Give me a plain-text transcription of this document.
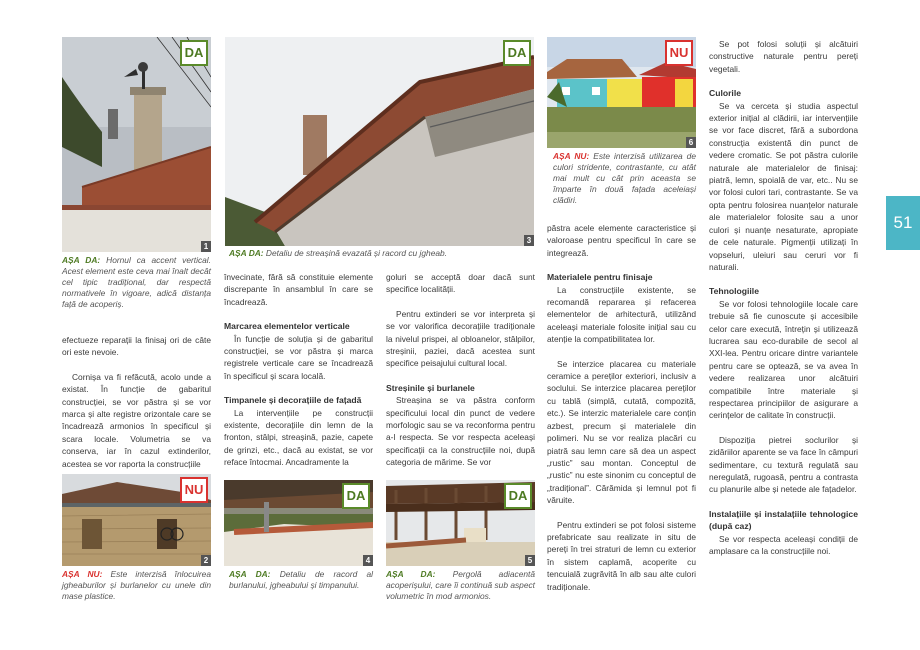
DA
1
DA
3
NU
6
NU
2
DA
4
DA
5
AȘA DA: Hornul ca accent vertical. Acest element este ceva mai înalt decât cel tipic tradițional, dar respectă normativele în vigoare, adică distanța față de acoperiș.
AȘA DA: Detaliu de streașină evazată și racord cu jgheab.
AȘA NU: Este interzisă utilizarea de culori stridente, contrastante, cu atât mai mult cu cât prin aceasta se împarte în două fațada aceleiași clădiri.
AȘA NU: Este interzisă înlocuirea jgheaburilor și burlanelor cu unele din mase plastice.
AȘA DA: Detaliu de racord al burlanului, jgheabului și timpanului.
AȘA DA: Pergolă adiacentă acoperișului, care îi continuă sub aspect volumetric în mod armonios.

efectueze reparații la finisaj ori de câte ori este nevoie.

Cornișa va fi refăcută, acolo unde a existat. În funcție de gabaritul construcției, se vor păstra și se vor marca și alte registre orizontale care se încadrează armonios în specificul și scara locale. Volumetria se va conserva, iar în cazul extinderilor, acestea se vor raporta la construcțiile

învecinate, fără să constituie elemente discrepante în ansamblul în care se încadrează.

Marcarea elementelor verticale

În funcție de soluția și de gabaritul construcției, se vor păstra și marca registrele verticale care se încadrează în specificul și scara locală.

Timpanele și decorațiile de fațadă

La intervențiile pe construcții existente, decorațiile din lemn de la fronton, stâlpi, streașină, pazie, capete de grinzi, etc., dacă au existat, se vor reface întocmai. Ancadramente la

goluri se acceptă doar dacă sunt specifice localității.

Pentru extinderi se vor interpreta și se vor valorifica decorațiile tradiționale la nivelul prispei, al obloanelor, stâlpilor, streșinii, paziei, dacă acestea sunt specifice peisajului cultural local.

Streșinile și burlanele

Streașina se va păstra conform specificului local din punct de vedere morfologic sau se va reconforma pentru a-l respecta. Se vor respecta aceleași specificații ca la construcțiile noi, după categoria de mărime. Se vor

păstra acele elemente caracteristice și valoroase pentru specificul în care se integrează.

Materialele pentru finisaje

La construcțiile existente, se recomandă repararea și refacerea elementelor de arhitectură, utilizând aceleași materiale folosite inițial sau cu atenție la compatibilitatea lor.

Se interzice placarea cu materiale ceramice a pereților exteriori, inclusiv a soclului. Se interzice placarea pereților cu tablă (simplă, cutată, compozită, etc.). Se interzic materialele care conțin azbest, precum și materialele din polimeri. Nu se vor realiza placări cu piatră sau lemn care să dea un aspect „rustic” sau montan. Conceptul de „rustic” nu este sinonim cu conceptul de „tradițional”. Cărămida și lemnul pot fi văruite.

Pentru extinderi se pot folosi sisteme prefabricate sau realizate in situ de pereți în trei straturi de lemn cu exterior în sistem caplamă, acoperite cu tencuială zugrăvită în alb sau alte culori tradiționale.

Se pot folosi soluții și alcătuiri constructive naturale pentru pereți vegetali.

Culorile

Se va cerceta și studia aspectul exterior inițial al clădirii, iar intervențiile se vor face discret, fără a subordona construcția existentă din punct de vedere cromatic. Se pot păstra culorile naturale ale materialelor de finisaj: piatră, lemn, spoială de var, etc.. Nu se vor folosi culori tari, contrastante. Se va opta pentru folosirea nuanțelor naturale ale materialelor folosite sau a unor culori și nuanțe nesaturate, apropiate de cele naturale. Pigmenții utilizați în vopseluri, uleiuri sau ceruri vor fi naturali.

Tehnologiile

Se vor folosi tehnologiile locale care trebuie să fie cunoscute și accesibile celor care execută, întrețin și utilizează lucrarea sau eco-durabile de secol al XXI-lea. Pentru oricare dintre variantele pentru care se optează, se va avea în vedere realizarea unor alcătuiri compatibile între materiale și respectarea principiilor de asigurare a cerințelor de calitate în construcții.

Dispoziția pietrei soclurilor și zidăriilor aparente se va face în câmpuri sedimentare, cu textură regulată sau neregulată, rugoasă, pentru a contrasta cu planurile albe și netede ale fațadelor.

Instalațiile și instalațiile tehnologice (după caz)

Se vor respecta aceleași condiții de amplasare ca la construcțiile noi.

51
